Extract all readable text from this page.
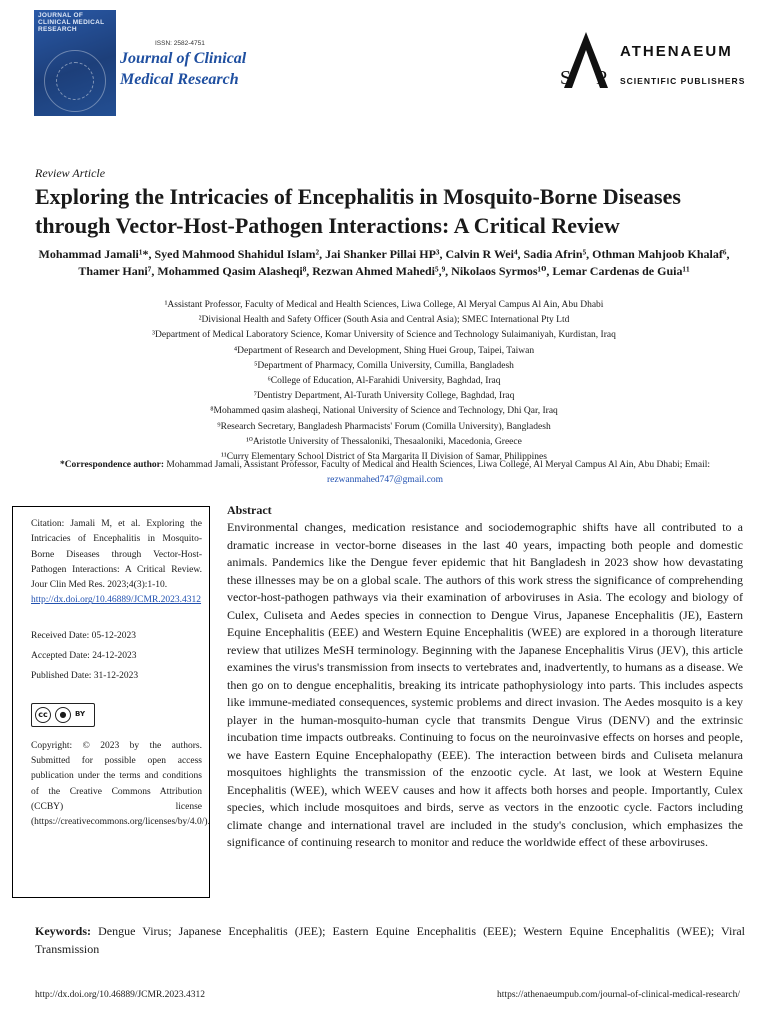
JOURNAL OF CLINICAL MEDICAL RESEARCH
ISSN: 2582-4751
Journal of Clinical
Medical Research	S P
ATHENAEUM
SCIENTIFIC PUBLISHERS
Review Article
Exploring the Intricacies of Encephalitis in Mosquito-Borne Diseases through Vector-Host-Pathogen Interactions: A Critical Review
Mohammad Jamali¹*, Syed Mahmood Shahidul Islam², Jai Shanker Pillai HP³, Calvin R Wei⁴, Sadia Afrin⁵, Othman Mahjoob Khalaf⁶, Thamer Hani⁷, Mohammed Qasim Alasheqi⁸, Rezwan Ahmed Mahedi⁵,⁹, Nikolaos Syrmos¹⁰, Lemar Cardenas de Guia¹¹
¹Assistant Professor, Faculty of Medical and Health Sciences, Liwa College, Al Meryal Campus Al Ain, Abu Dhabi
²Divisional Health and Safety Officer (South Asia and Central Asia); SMEC International Pty Ltd
³Department of Medical Laboratory Science, Komar University of Science and Technology Sulaimaniyah, Kurdistan, Iraq
⁴Department of Research and Development, Shing Huei Group, Taipei, Taiwan
⁵Department of Pharmacy, Comilla University, Cumilla, Bangladesh
⁶College of Education, Al-Farahidi University, Baghdad, Iraq
⁷Dentistry Department, Al-Turath University College, Baghdad, Iraq
⁸Mohammed qasim alasheqi, National University of Science and Technology, Dhi Qar, Iraq
⁹Research Secretary, Bangladesh Pharmacists' Forum (Comilla University), Bangladesh
¹⁰Aristotle University of Thessaloniki, Thesaaloniki, Macedonia, Greece
¹¹Curry Elementary School District of Sta Margarita II Division of Samar, Philippines
*Correspondence author: Mohammad Jamali, Assistant Professor, Faculty of Medical and Health Sciences, Liwa College, Al Meryal Campus Al Ain, Abu Dhabi; Email: rezwanmahed747@gmail.com
Citation: Jamali M, et al. Exploring the Intricacies of Encephalitis in Mosquito-Borne Diseases through Vector-Host-Pathogen Interactions: A Critical Review. Jour Clin Med Res. 2023;4(3):1-10.
http://dx.doi.org/10.46889/JCMR.2023.4312
Received Date: 05-12-2023
Accepted Date: 24-12-2023
Published Date: 31-12-2023
cc	●	BY
Copyright: © 2023 by the authors. Submitted for possible open access publication under the terms and conditions of the Creative Commons Attribution (CCBY) license (https://creativecommons.org/licenses/by/4.0/).
Abstract
Environmental changes, medication resistance and sociodemographic shifts have all contributed to a dramatic increase in vector-borne diseases in the last 40 years, impacting both people and domestic animals. Pandemics like the Dengue fever epidemic that hit Bangladesh in 2023 show how devastating these illnesses may be on a global scale. The authors of this work stress the significance of comprehending vector-host-pathogen pathways via their examination of arboviruses in Asia. The ecology and biology of Culex, Culiseta and Aedes species in connection to Dengue Virus, Japanese Encephalitis (JE), Eastern Equine Encephalitis (EEE) and Western Equine Encephalitis (WEE) are explored in a thorough literature review that utilizes MeSH terminology. Beginning with the Japanese Encephalitis Virus (JEV), this article examines the virus's transmission from insects to vertebrates and, inadvertently, to humans as a disease. We then go on to dengue encephalitis, breaking its intricate pathophysiology into parts. This includes aspects like immune-mediated consequences, systemic problems and direct invasion. The Aedes mosquito is a key player in the human-mosquito-human cycle that transmits Dengue Virus (DENV) and the extrinsic incubation time impacts outbreaks. Continuing to focus on the neuroinvasive effects on horses and people, we have Eastern Equine Encephalopathy (EEE). The interaction between birds and Culiseta melanura mosquitoes highlights the transmission of the enzootic cycle. At last, we look at Western Equine Encephalitis (WEE), which WEEV causes and how it affects both horses and people. Importantly, Culex species, which include mosquitoes and birds, serve as vectors in the enzootic cycle. Factors including climate change and international travel are included in the study's conclusion, which emphasizes the significance of continuing research to monitor and reduce the worldwide effect of these arboviruses.
Keywords: Dengue Virus; Japanese Encephalitis (JEE); Eastern Equine Encephalitis (EEE); Western Equine Encephalitis (WEE); Viral Transmission
http://dx.doi.org/10.46889/JCMR.2023.4312	https://athenaeumpub.com/journal-of-clinical-medical-research/
